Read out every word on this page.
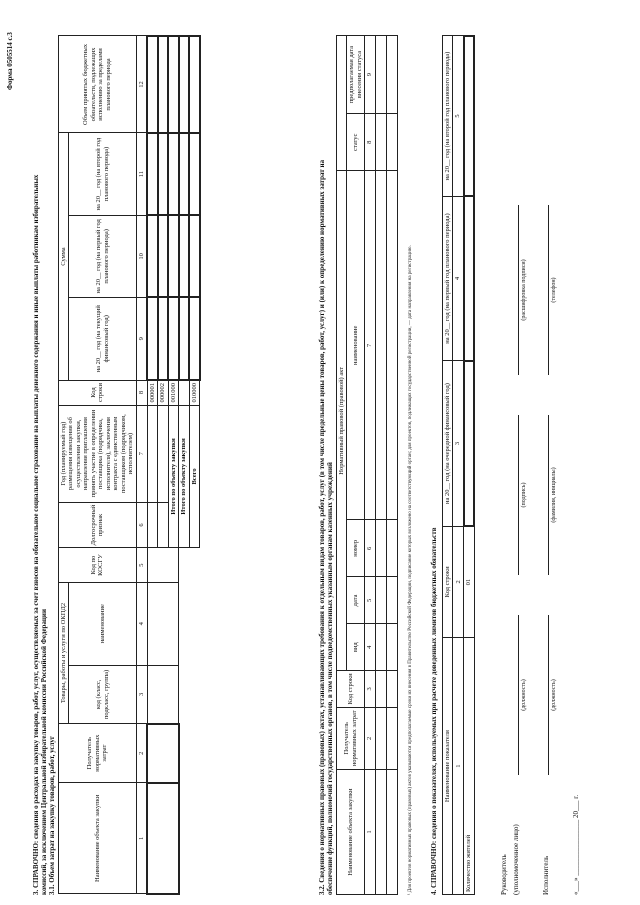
Форма 0505514 с.3
3. СПРАВОЧНО: сведения о расходах на закупку товаров, работ, услуг, осуществляемых за счет взносов на обязательное социальное страхование на выплаты денежного содержания и иные выплаты работникам избирательных комиссий, за исключением Центральной избирательной комиссии Российской Федерации 3.1. Объем затрат на закупку товаров, работ, услуг	Наименование объекта закупки	Получатель нормативных затрат	Товары, работы и услуги по ОКПД2		Код по КОСГУ	Долгосрочный признак	Год (планируемый год) размещения извещения об осуществлении закупки, направления приглашения принять участие в определении поставщика (подрядчика, исполнителя), заключения контракта с единственным поставщиком (подрядчиком, исполнителем)	Код строки	Сумма			Объем принятых бюджетных обязательств, подлежащих исполнению за пределами планового периода
		код (класс, подкласс, группа)	наименование					на 20__ год (на текущий финансовый год)	на 20__ год (на первый год планового периода)	на 20__ год (на второй год планового периода)	

1	2	3	4	5	6	7	8	9	10	11	12
							000001				
							000002				
					Итого по объекту закупки		001000				
					Итого по объекту закупки						
					Всего		010000					3.2. Сведения о нормативных правовых (правовых) актах, устанавливающих требования к отдельным видам товаров, работ, услуг (в том числе предельные цены товаров, работ, услуг) и (или) к определению нормативных затрат на обеспечение функций, полномочий государственных органов, в том числе подведомственных указанным органам казенных учреждений Наименование объекта закупки	Получатель нормативных затрат	Код строки	Нормативный правовой (правовой) акт					
			вид	дата	номер	наименование	статус	предполагаемая дата внесения статуса
1	2	3	4	5	6	7	8	9

¹ Для проектов нормативных правовых (правовых) актов указываются предполагаемые сроки их внесения в Правительство Российской Федерации, подписание которых возложено на соответствующий орган; для проектов, подлежащих государственной регистрации, — дата направления на регистрацию. 4. СПРАВОЧНО: сведения о показателях, используемых при расчете доведенных лимитов бюджетных обязательств Наименование показателя	Код строки	на 20__ год (на очередной финансовый год)	на 20__ год (на первый год планового периода)	на 20__ год (на второй год планового периода)
1	2	3	4	5
Количество жителей	01			
Руководитель (уполномоченное лицо)
(должность)
(подпись)
(расшифровка подписи)
Исполнитель
(должность)
(фамилия, инициалы)
(телефон)
«___» ________________ 20___ г.
